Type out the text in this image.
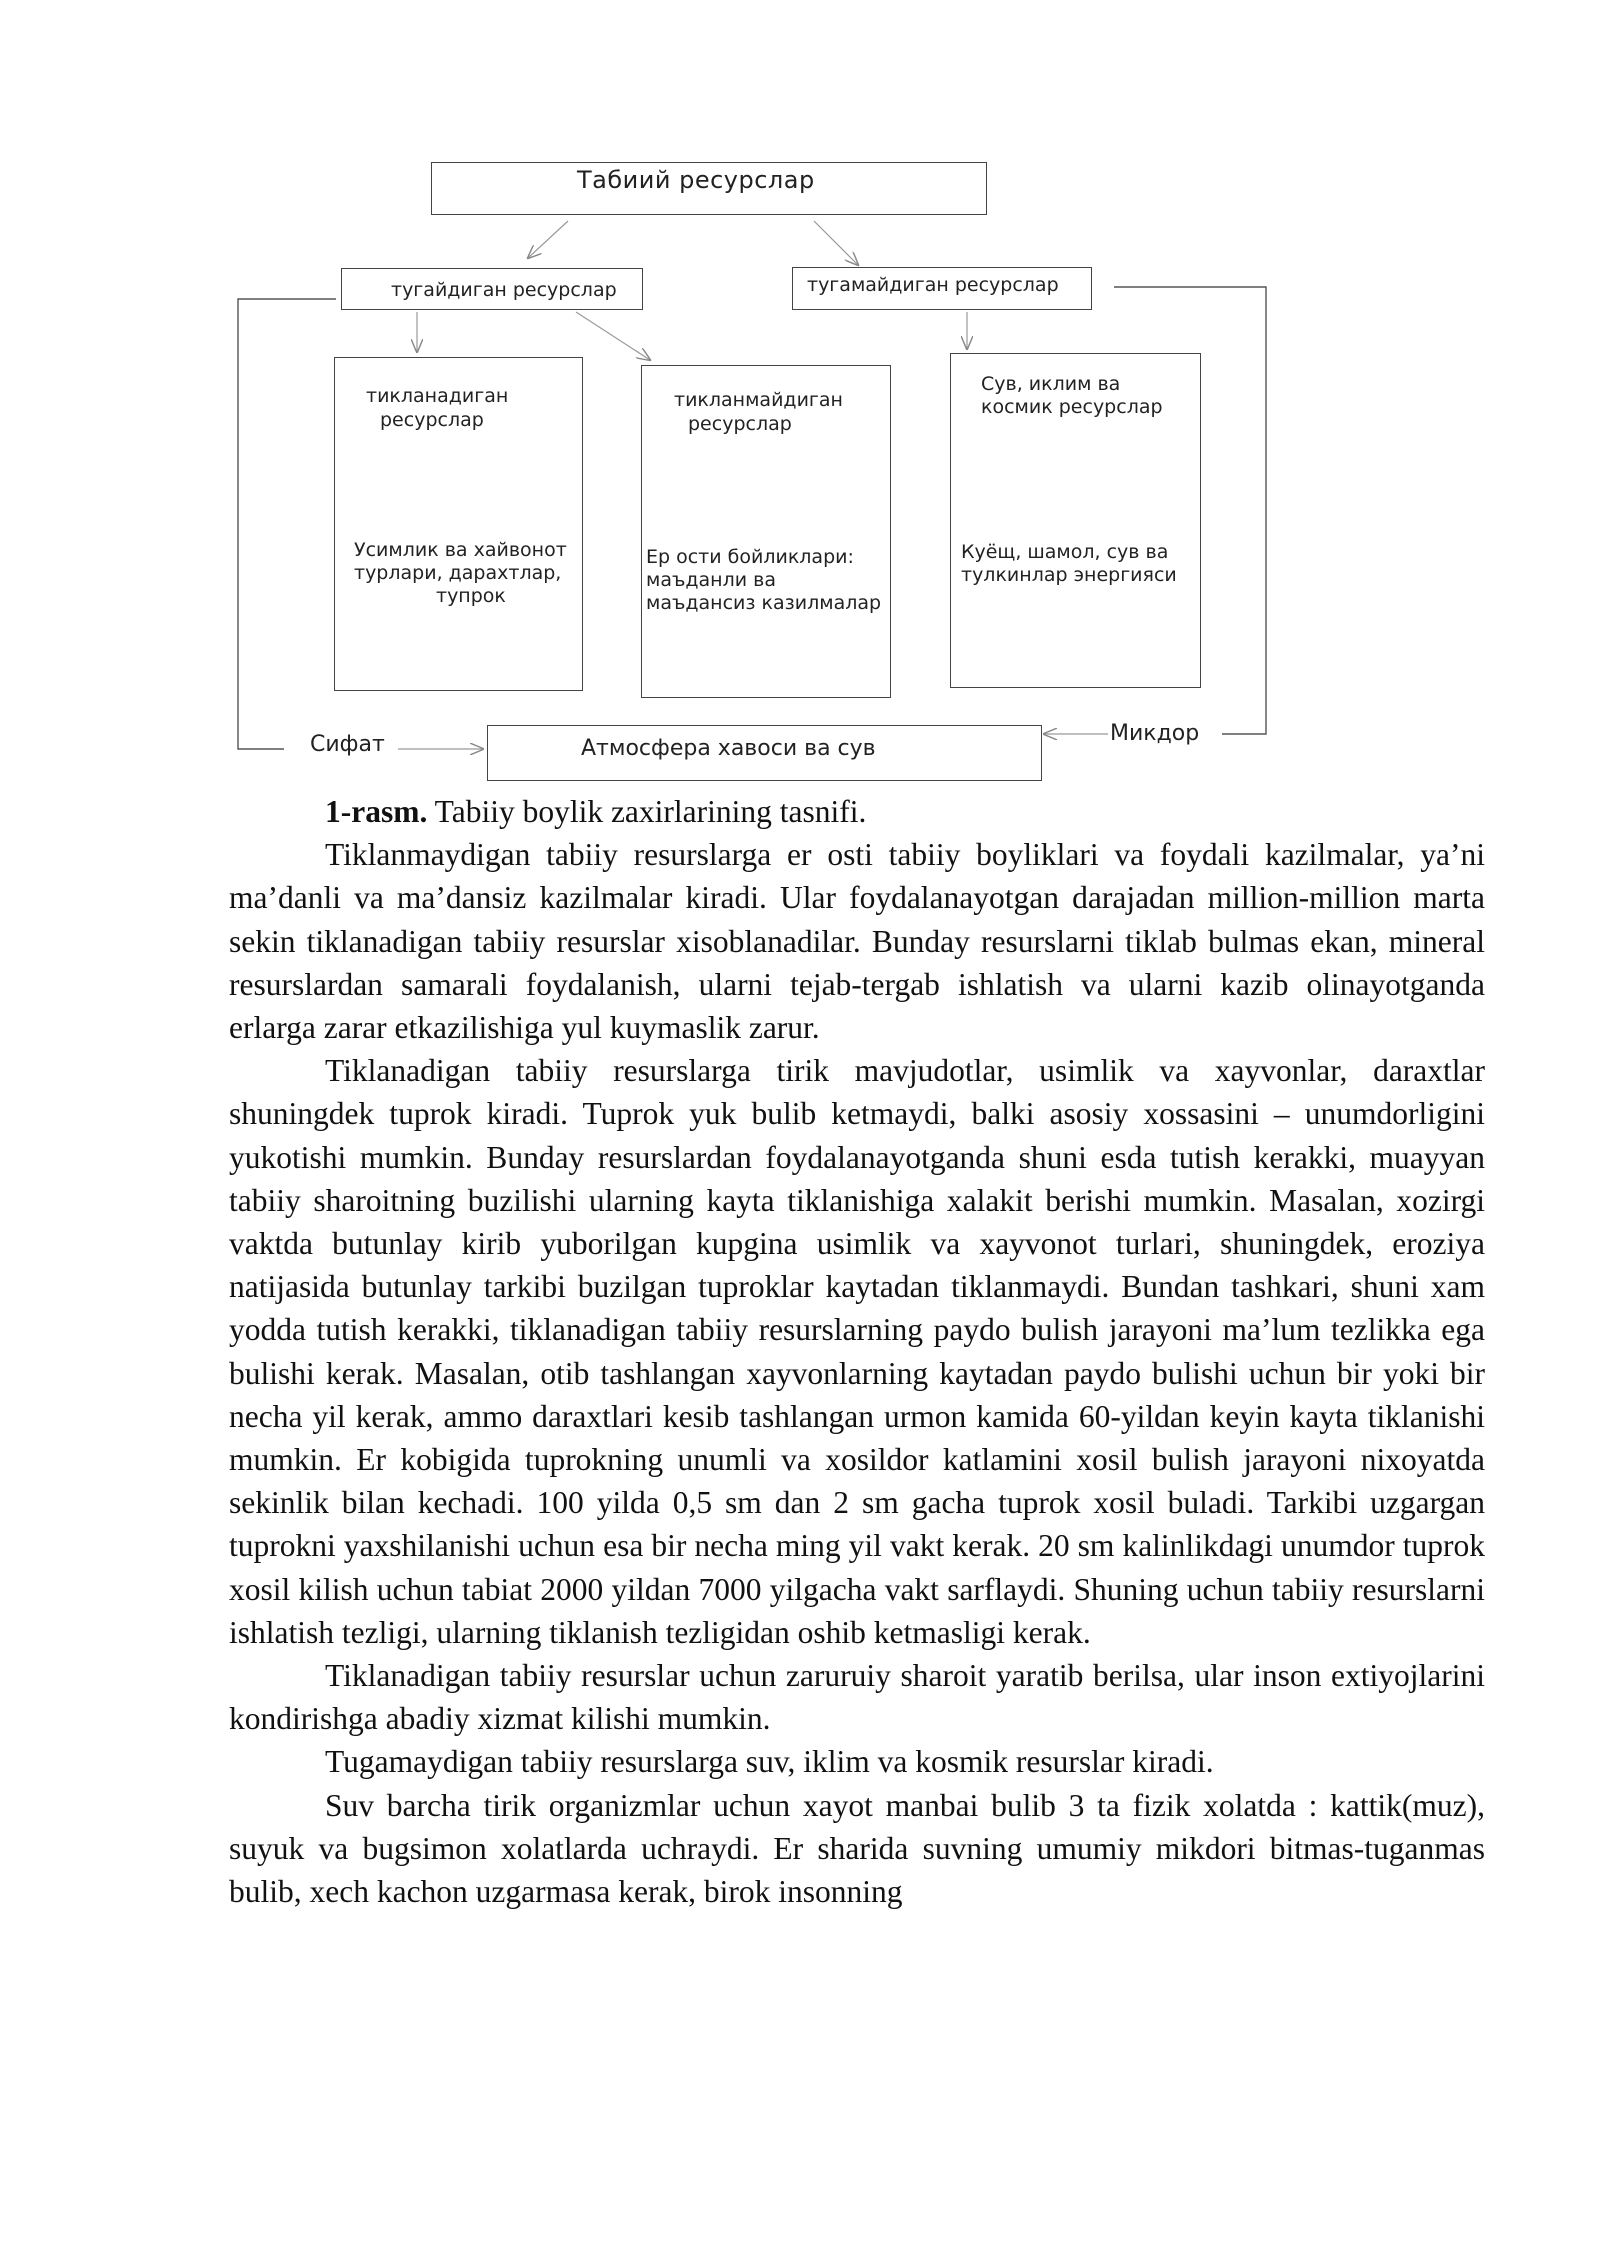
Табиий ресурслар
тугайдиган ресурслар	тугамайдиган ресурслар
тикланадиган
ресурслар
Усимлик ва хайвонот
турлари, дарахтлар,
тупрок
тикланмайдиган
ресурслар
Ер ости бойликлари:
маъданли ва
маъдансиз казилмалар
Сув, иклим ва
космик ресурслар
Куёщ, шамол, сув ва
тулкинлар энергияси
Атмосфера хавоси ва сув
Сифат	Микдор

1-rasm. Tabiiy boylik zaxirlarining tasnifi.

Tiklanmaydigan tabiiy resurslarga er osti tabiiy boyliklari va foydali kazilmalar, ya’ni ma’danli va ma’dansiz kazilmalar kiradi. Ular foydalanayotgan darajadan million-million marta sekin tiklanadigan tabiiy resurslar xisoblanadilar. Bunday resurslarni tiklab bulmas ekan, mineral resurslardan samarali foydalanish, ularni tejab-tergab ishlatish va ularni kazib olinayotganda erlarga zarar etkazilishiga yul kuymaslik zarur.

Tiklanadigan tabiiy resurslarga tirik mavjudotlar, usimlik va xayvonlar, daraxtlar shuningdek tuprok kiradi. Tuprok yuk bulib ketmaydi, balki asosiy xossasini – unumdorligini yukotishi mumkin. Bunday resurslardan foydalanayotganda shuni esda tutish kerakki, muayyan tabiiy sharoitning buzilishi ularning kayta tiklanishiga xalakit berishi mumkin. Masalan, xozirgi vaktda butunlay kirib yuborilgan kupgina usimlik va xayvonot turlari, shuningdek, eroziya natijasida butunlay tarkibi buzilgan tuproklar kaytadan tiklanmaydi. Bundan tashkari, shuni xam yodda tutish kerakki, tiklanadigan tabiiy resurslarning paydo bulish jarayoni ma’lum tezlikka ega bulishi kerak. Masalan, otib tashlangan xayvonlarning kaytadan paydo bulishi uchun bir yoki bir necha yil kerak, ammo daraxtlari kesib tashlangan urmon kamida 60-yildan keyin kayta tiklanishi mumkin. Er kobigida tuprokning unumli va xosildor katlamini xosil bulish jarayoni nixoyatda sekinlik bilan kechadi. 100 yilda 0,5 sm dan 2 sm gacha tuprok xosil buladi. Tarkibi uzgargan tuprokni yaxshilanishi uchun esa bir necha ming yil vakt kerak. 20 sm kalinlikdagi unumdor tuprok xosil kilish uchun tabiat 2000 yildan 7000 yilgacha vakt sarflaydi. Shuning uchun tabiiy resurslarni ishlatish tezligi, ularning tiklanish tezligidan oshib ketmasligi kerak.

Tiklanadigan tabiiy resurslar uchun zaruruiy sharoit yaratib berilsa, ular inson extiyojlarini kondirishga abadiy xizmat kilishi mumkin.

Tugamaydigan tabiiy resurslarga suv, iklim va kosmik resurslar kiradi.

Suv barcha tirik organizmlar uchun xayot manbai bulib 3 ta fizik xolatda : kattik(muz), suyuk va bugsimon xolatlarda uchraydi. Er sharida suvning umumiy mikdori bitmas-tuganmas bulib, xech kachon uzgarmasa kerak, birok insonning
